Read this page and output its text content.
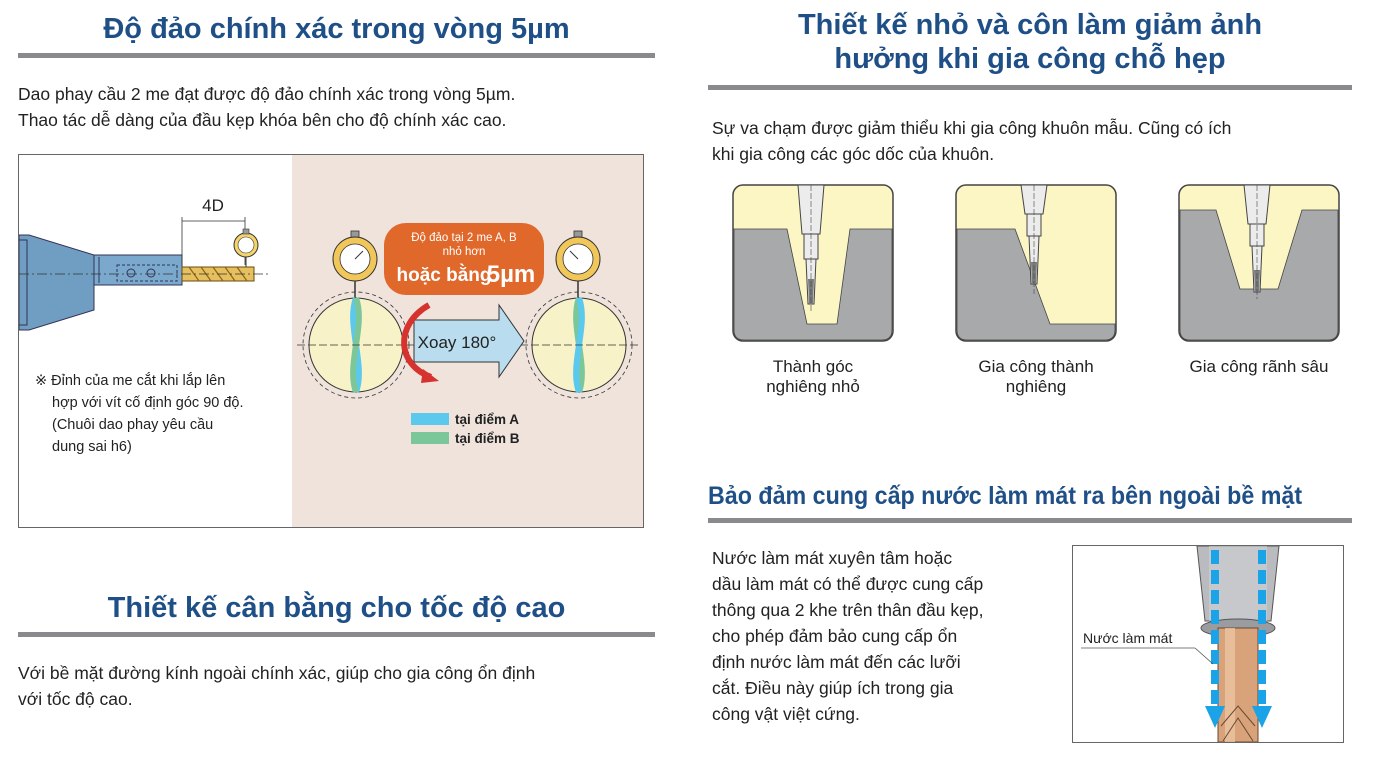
Độ đảo chính xác trong vòng 5µm
Dao phay cầu 2 me đạt được độ đảo chính xác trong vòng 5µm.
Thao tác dễ dàng của đầu kẹp khóa bên cho độ chính xác cao.
4D
※ Đỉnh của me cắt khi lắp lên
hợp với vít cố định góc 90 độ.
(Chuôi dao phay yêu cầu
dung sai h6)
Độ đảo tại 2 me A, B
nhỏ hơn
hoặc bằng
5µm
Xoay 180°
tại điểm A
tại điểm B
Thiết kế cân bằng cho tốc độ cao
Với bề mặt đường kính ngoài chính xác, giúp cho gia công ổn định
với tốc độ cao.
Thiết kế nhỏ và côn làm giảm ảnh
hưởng khi gia công chỗ hẹp
Sự va chạm được giảm thiểu khi gia công khuôn mẫu. Cũng có ích
khi gia công các góc dốc của khuôn.
Thành góc
nghiêng nhỏ
Gia công thành
nghiêng
Gia công rãnh sâu
Bảo đảm cung cấp nước làm mát ra bên ngoài bề mặt
Nước làm mát xuyên tâm hoặc
dầu làm mát có thể được cung cấp
thông qua 2 khe trên thân đầu kẹp,
cho phép đảm bảo cung cấp ổn
định nước làm mát đến các lưỡi
cắt. Điều này giúp ích trong gia
công vật việt cứng.
Nước làm mát
